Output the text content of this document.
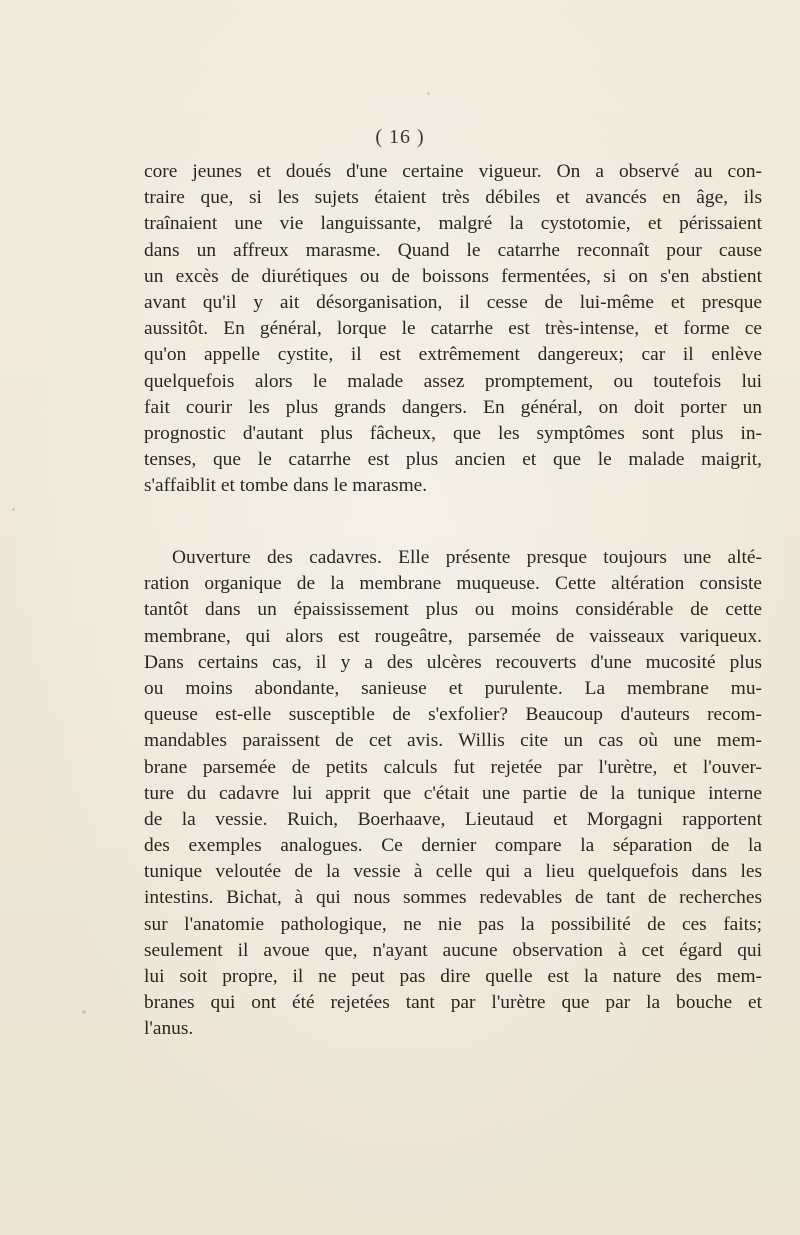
( 16 )
core jeunes et doués d'une certaine vigueur. On a observé au con-
traire que, si les sujets étaient très débiles et avancés en âge, ils
traînaient une vie languissante, malgré la cystotomie, et périssaient
dans un affreux marasme. Quand le catarrhe reconnaît pour cause
un excès de diurétiques ou de boissons fermentées, si on s'en abstient
avant qu'il y ait désorganisation, il cesse de lui-même et presque
aussitôt. En général, lorque le catarrhe est très-intense, et forme ce
qu'on appelle cystite, il est extrêmement dangereux; car il enlève
quelquefois alors le malade assez promptement, ou toutefois lui
fait courir les plus grands dangers. En général, on doit porter un
prognostic d'autant plus fâcheux, que les symptômes sont plus in-
tenses, que le catarrhe est plus ancien et que le malade maigrit,
s'affaiblit et tombe dans le marasme.
Ouverture des cadavres. Elle présente presque toujours une alté-
ration organique de la membrane muqueuse. Cette altération consiste
tantôt dans un épaississement plus ou moins considérable de cette
membrane, qui alors est rougeâtre, parsemée de vaisseaux variqueux.
Dans certains cas, il y a des ulcères recouverts d'une mucosité plus
ou moins abondante, sanieuse et purulente. La membrane mu-
queuse est-elle susceptible de s'exfolier? Beaucoup d'auteurs recom-
mandables paraissent de cet avis. Willis cite un cas où une mem-
brane parsemée de petits calculs fut rejetée par l'urètre, et l'ouver-
ture du cadavre lui apprit que c'était une partie de la tunique interne
de la vessie. Ruich, Boerhaave, Lieutaud et Morgagni rapportent
des exemples analogues. Ce dernier compare la séparation de la
tunique veloutée de la vessie à celle qui a lieu quelquefois dans les
intestins. Bichat, à qui nous sommes redevables de tant de recherches
sur l'anatomie pathologique, ne nie pas la possibilité de ces faits;
seulement il avoue que, n'ayant aucune observation à cet égard qui
lui soit propre, il ne peut pas dire quelle est la nature des mem-
branes qui ont été rejetées tant par l'urètre que par la bouche et
l'anus.
